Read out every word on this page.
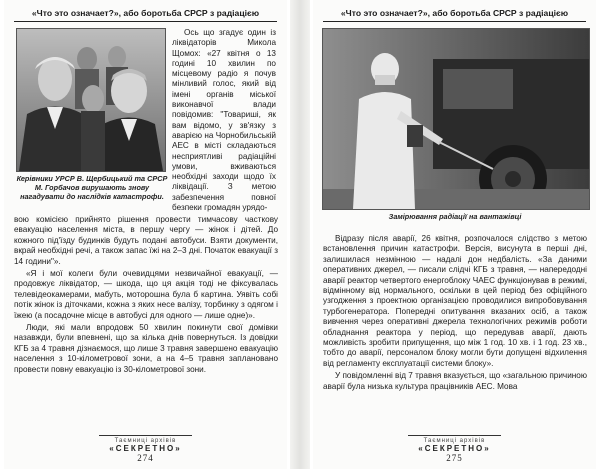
«Что это означает?», або боротьба СРСР з радіацією
Керівники УРСР В. Щербицький та СРСР М. Горбачов вирушають знову нагадувати до наслідків катастрофи.

Ось що згадує один із ліквідаторів Микола Щомох: «27 квітня о 13 годині 10 хвилин по місцевому радіо я почув мінливий голос, який від імені органів міської виконавчої влади повідомив: "Товариші, як вам відомо, у зв'язку з аварією на Чорнобильській АЕС в місті складаються несприятливі радіаційні умови, вживаються необхідні заходи щодо їх ліквідації. З метою забезпечення повної безпеки громадян урядо-

вою комісією прийнято рішення провести тимчасову часткову евакуацію населення міста, в першу чергу — жінок і дітей. До кожного під'їзду будинків будуть подані автобуси. Взяти документи, вкрай необхідні речі, а також запас їжі на 2–3 дні. Початок евакуації з 14 години"».

«Я і мої колеги були очевидцями незвичайної евакуації, — продовжує ліквідатор, — шкода, що ця акція тоді не фіксувалась телевідеокамерами, мабуть, моторошна була б картина. Уявіть собі потік жінок із діточками, кожна з яких несе валізу, торбинку з одягом і їжею (а посадочне місце в автобусі для одного — лише одне)».

Люди, які мали впродовж 50 хвилин покинути свої домівки назавжди, були впевнені, що за кілька днів повернуться. Із довідки КГБ за 4 травня дізнаємося, що лише 3 травня завершено евакуацію населення з 10-кілометрової зони, а на 4–5 травня заплановано провести повну евакуацію із 30-кілометрової зони.

Таємниці архівів
«СЕКРЕТНО»
274
«Что это означает?», або боротьба СРСР з радіацією
Замірювання радіації на вантажівці

Відразу після аварії, 26 квітня, розпочалося слідство з метою встановлення причин катастрофи. Версія, висунута в перші дні, залишилася незмінною — надалі дон недбалість. «За даними оперативних джерел, — писали слідчі КГБ з травня, — напередодні аварії реактор четвертого енергоблоку ЧАЕС функціонував в режимі, відмінному від нормального, оскільки в цей період без офіційного узгодження з проектною організацією проводилися випробовування турбогенератора. Попередні опитування вказаних осіб, а також вивчення через оперативні джерела технологічних режимів роботи обладнання реактора у період, що передував аварії, дають можливість зробити припущення, що між 1 год. 10 хв. і 1 год. 23 хв., тобто до аварії, персоналом блоку могли бути допущені відхилення від регламенту експлуатації системи блоку».

У повідомленні від 7 травня вказується, що «загальною причиною аварії була низька культура працівників АЕС. Мова

Таємниці архівів
«СЕКРЕТНО»
275
